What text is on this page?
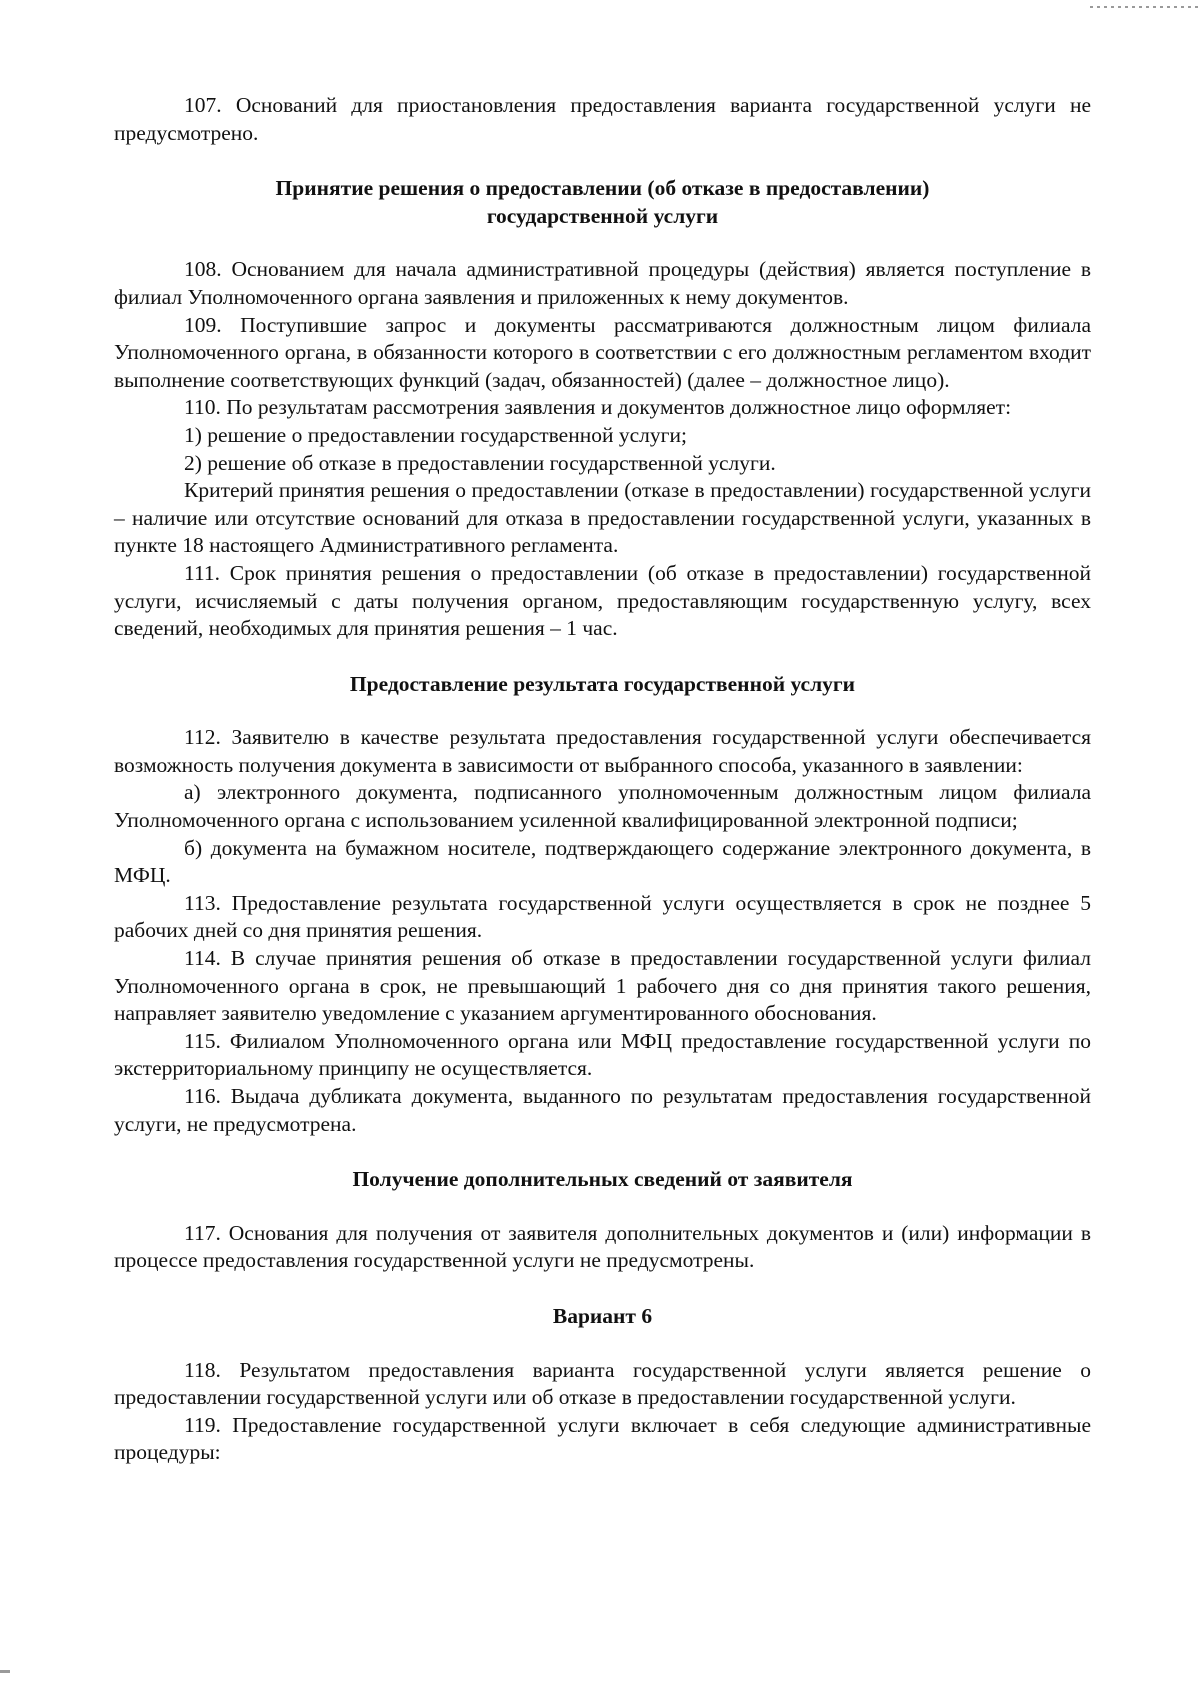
107. Оснований для приостановления предоставления варианта государственной услуги не предусмотрено.

Принятие решения о предоставлении (об отказе в предоставлении) государственной услуги

108. Основанием для начала административной процедуры (действия) является поступление в филиал Уполномоченного органа заявления и приложенных к нему документов.

109. Поступившие запрос и документы рассматриваются должностным лицом филиала Уполномоченного органа, в обязанности которого в соответствии с его должностным регламентом входит выполнение соответствующих функций (задач, обязанностей) (далее – должностное лицо).

110. По результатам рассмотрения заявления и документов должностное лицо оформляет:

1) решение о предоставлении государственной услуги;

2) решение об отказе в предоставлении государственной услуги.

Критерий принятия решения о предоставлении (отказе в предоставлении) государственной услуги – наличие или отсутствие оснований для отказа в предоставлении государственной услуги, указанных в пункте 18 настоящего Административного регламента.

111. Срок принятия решения о предоставлении (об отказе в предоставлении) государственной услуги, исчисляемый с даты получения органом, предоставляющим государственную услугу, всех сведений, необходимых для принятия решения – 1 час.

Предоставление результата государственной услуги

112. Заявителю в качестве результата предоставления государственной услуги обеспечивается возможность получения документа в зависимости от выбранного способа, указанного в заявлении:

а) электронного документа, подписанного уполномоченным должностным лицом филиала Уполномоченного органа с использованием усиленной квалифицированной электронной подписи;

б) документа на бумажном носителе, подтверждающего содержание электронного документа, в МФЦ.

113. Предоставление результата государственной услуги осуществляется в срок не позднее 5 рабочих дней со дня принятия решения.

114. В случае принятия решения об отказе в предоставлении государственной услуги филиал Уполномоченного органа в срок, не превышающий 1 рабочего дня со дня принятия такого решения, направляет заявителю уведомление с указанием аргументированного обоснования.

115. Филиалом Уполномоченного органа или МФЦ предоставление государственной услуги по экстерриториальному принципу не осуществляется.

116. Выдача дубликата документа, выданного по результатам предоставления государственной услуги, не предусмотрена.

Получение дополнительных сведений от заявителя

117. Основания для получения от заявителя дополнительных документов и (или) информации в процессе предоставления государственной услуги не предусмотрены.

Вариант 6

118. Результатом предоставления варианта государственной услуги является решение о предоставлении государственной услуги или об отказе в предоставлении государственной услуги.

119. Предоставление государственной услуги включает в себя следующие административные процедуры:
